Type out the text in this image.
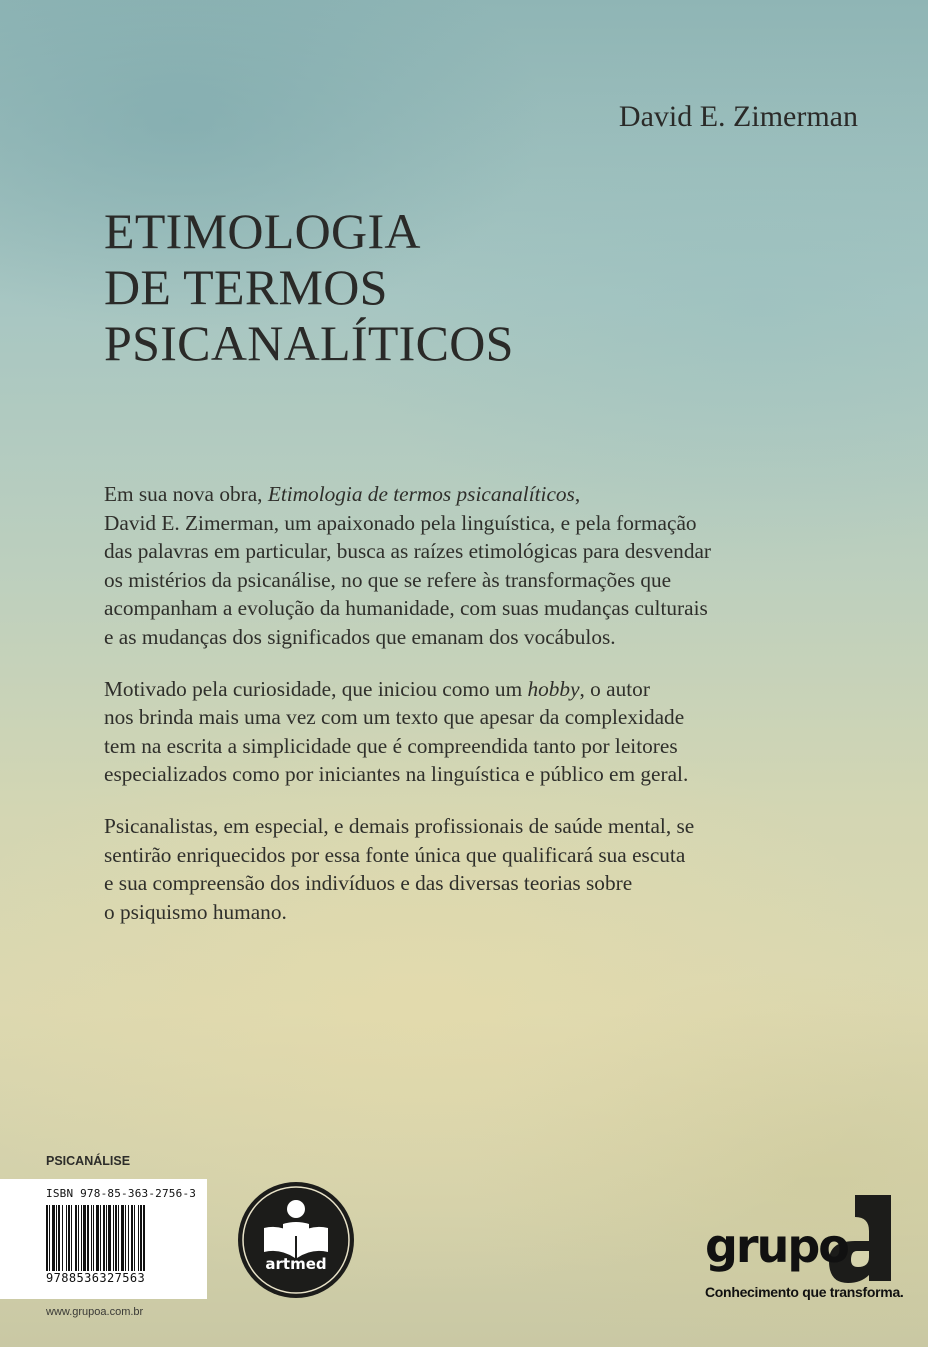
David E. Zimerman
ETIMOLOGIA
DE TERMOS
PSICANALÍTICOS

Em sua nova obra, Etimologia de termos psicanalíticos,
David E. Zimerman, um apaixonado pela linguística, e pela formação
das palavras em particular, busca as raízes etimológicas para desvendar
os mistérios da psicanálise, no que se refere às transformações que
acompanham a evolução da humanidade, com suas mudanças culturais
e as mudanças dos significados que emanam dos vocábulos.

Motivado pela curiosidade, que iniciou como um hobby, o autor
nos brinda mais uma vez com um texto que apesar da complexidade
tem na escrita a simplicidade que é compreendida tanto por leitores
especializados como por iniciantes na linguística e público em geral.

Psicanalistas, em especial, e demais profissionais de saúde mental, se
sentirão enriquecidos por essa fonte única que qualificará sua escuta
e sua compreensão dos indivíduos e das diversas teorias sobre
o psiquismo humano.

PSICANÁLISE

ISBN 978-85-363-2756-3

9788536327563

www.grupoa.com.br

artmed	grupo

Conhecimento que transforma.
